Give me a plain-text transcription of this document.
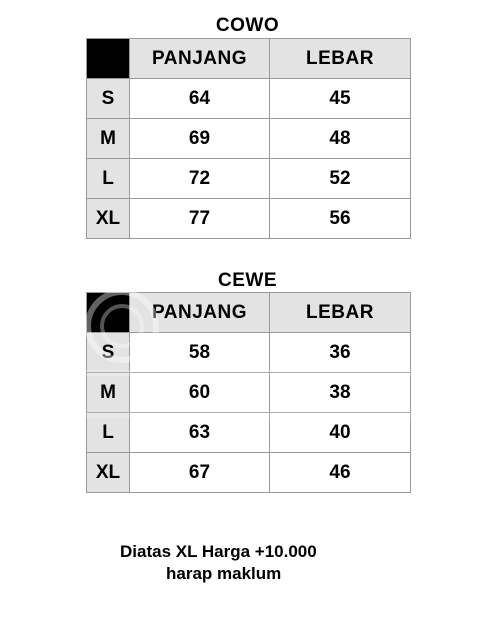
COWO
	PANJANG	LEBAR
S	64	45
M	69	48
L	72	52
XL	77	56
CEWE
	PANJANG	LEBAR
S	58	36
M	60	38
L	63	40
XL	67	46
Diatas XL Harga +10.000
harap maklum
